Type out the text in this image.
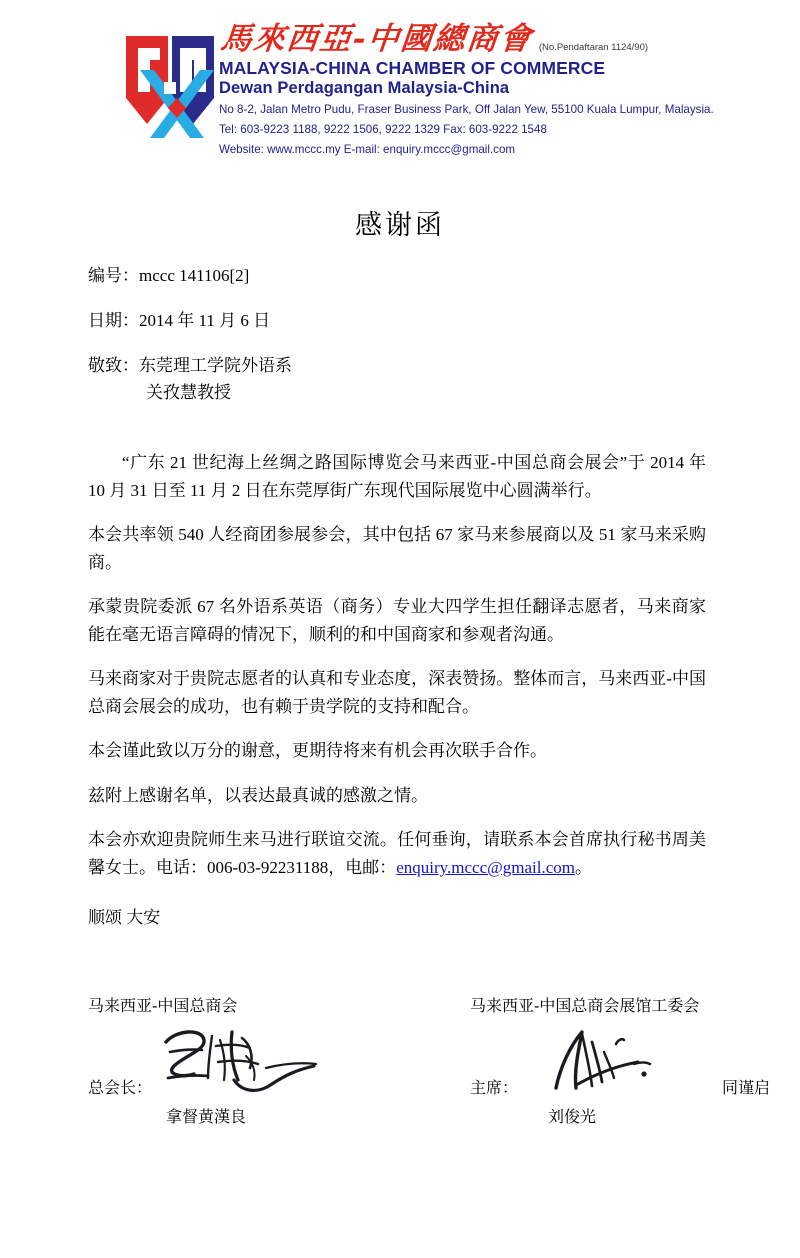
馬來西亞-中國總商會 (No.Pendaftaran 1124/90)
MALAYSIA-CHINA CHAMBER OF COMMERCE
Dewan Perdagangan Malaysia-China
No 8-2, Jalan Metro Pudu, Fraser Business Park, Off Jalan Yew, 55100 Kuala Lumpur, Malaysia.
Tel: 603-9223 1188, 9222 1506, 9222 1329 Fax: 603-9222 1548
Website: www.mccc.my E-mail: enquiry.mccc@gmail.com
感谢函
编号：mccc 141106[2]
日期：2014 年 11 月 6 日
敬致：东莞理工学院外语系
关孜慧教授

“广东 21 世纪海上丝绸之路国际博览会马来西亚-中国总商会展会”于 2014 年 10 月 31 日至 11 月 2 日在东莞厚街广东现代国际展览中心圆满举行。

本会共率领 540 人经商团参展参会，其中包括 67 家马来参展商以及 51 家马来采购商。

承蒙贵院委派 67 名外语系英语（商务）专业大四学生担任翻译志愿者，马来商家能在毫无语言障碍的情况下，顺利的和中国商家和参观者沟通。

马来商家对于贵院志愿者的认真和专业态度，深表赞扬。整体而言，马来西亚-中国总商会展会的成功，也有赖于贵学院的支持和配合。

本会谨此致以万分的谢意，更期待将来有机会再次联手合作。

兹附上感谢名单，以表达最真诚的感激之情。

本会亦欢迎贵院师生来马进行联谊交流。任何垂询，请联系本会首席执行秘书周美馨女士。电话：006-03-92231188，电邮：enquiry.mccc@gmail.com。

顺颂 大安
马来西亚-中国总商会
总会长：
拿督黄漢良
马来西亚-中国总商会展馆工委会
主席：	同谨启
刘俊光
